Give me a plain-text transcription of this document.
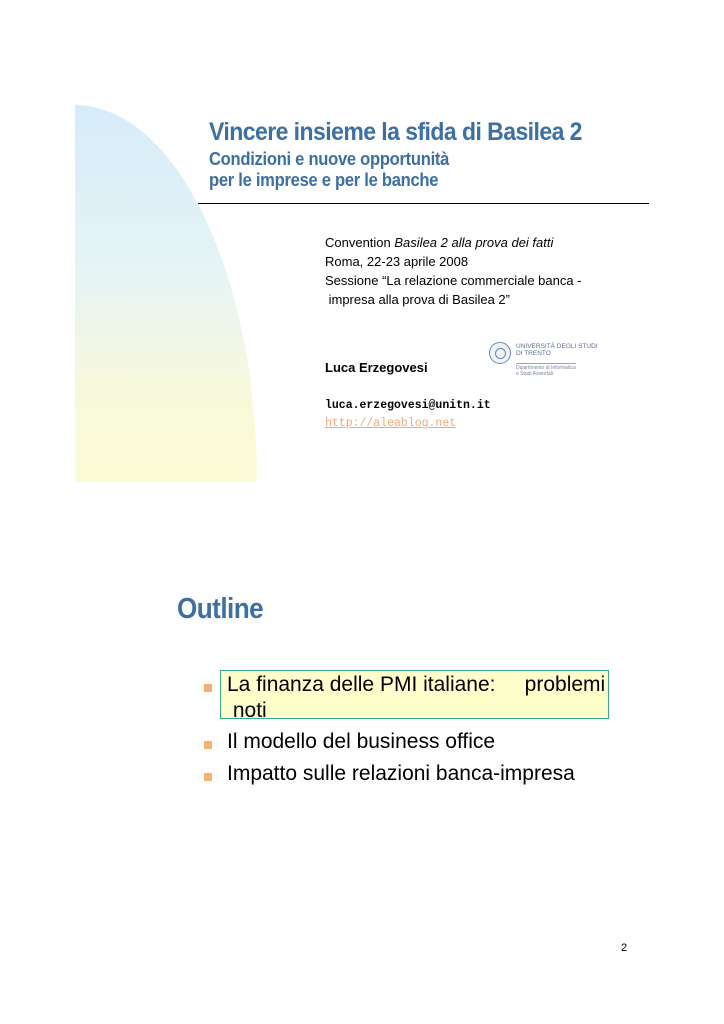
Vincere insieme la sfida di Basilea 2
Condizioni e nuove opportunità
per le imprese e per le banche
Convention Basilea 2 alla prova dei fatti
Roma, 22-23 aprile 2008
Sessione “La relazione commerciale banca -
impresa alla prova di Basilea 2”
Luca Erzegovesi
UNIVERSITÀ DEGLI STUDI
DI TRENTO
Dipartimento di Informatica
e Studi Aziendali
luca.erzegovesi@unitn.it
http://aleablog.net
Outline
La finanza delle PMI italiane:     problemi
noti
Il modello del business office
Impatto sulle relazioni banca-impresa
2
